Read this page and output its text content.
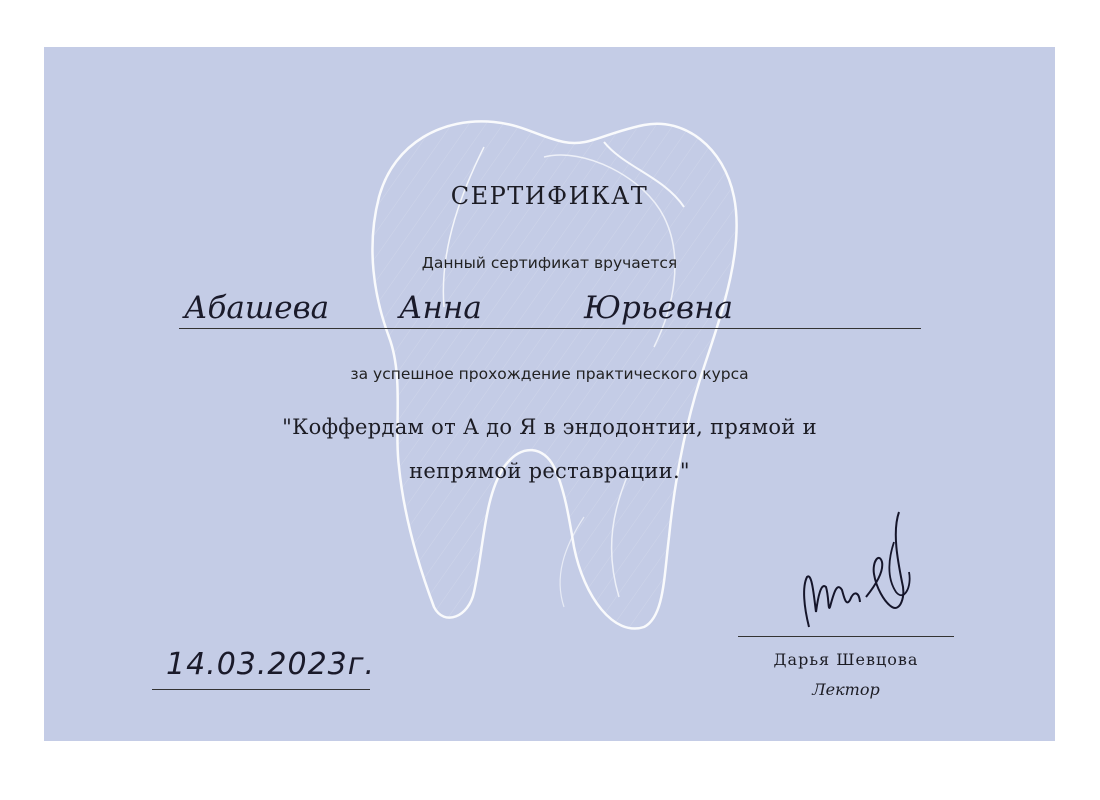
СЕРТИФИКАТ
Данный сертификат вручается
Абашева Анна	Юрьевна
за успешное прохождение практического курса
"Коффердам от А до Я в эндодонтии, прямой и
непрямой реставрации."
14.03.2023г.	Дарья Шевцова
Лектор
